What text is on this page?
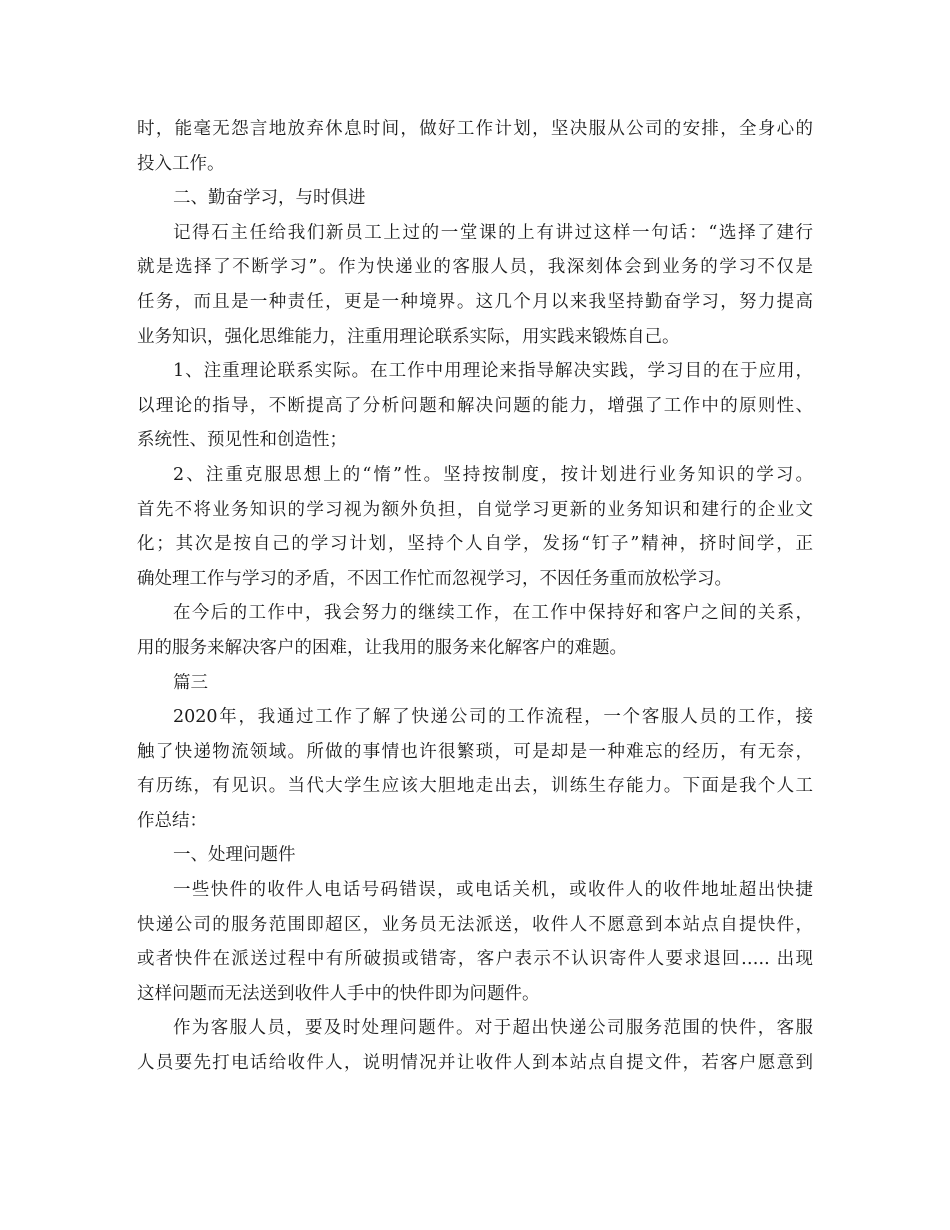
时，能毫无怨言地放弃休息时间，做好工作计划，坚决服从公司的安排，全身心的
投入工作。
二、勤奋学习，与时俱进
记得石主任给我们新员工上过的一堂课的上有讲过这样一句话：“选择了建行
就是选择了不断学习”。作为快递业的客服人员，我深刻体会到业务的学习不仅是
任务，而且是一种责任，更是一种境界。这几个月以来我坚持勤奋学习，努力提高
业务知识，强化思维能力，注重用理论联系实际，用实践来锻炼自己。
1、注重理论联系实际。在工作中用理论来指导解决实践，学习目的在于应用，
以理论的指导，不断提高了分析问题和解决问题的能力，增强了工作中的原则性、
系统性、预见性和创造性；
2、注重克服思想上的“惰”性。坚持按制度，按计划进行业务知识的学习。
首先不将业务知识的学习视为额外负担，自觉学习更新的业务知识和建行的企业文
化；其次是按自己的学习计划，坚持个人自学，发扬“钉子”精神，挤时间学，正
确处理工作与学习的矛盾，不因工作忙而忽视学习，不因任务重而放松学习。
在今后的工作中，我会努力的继续工作，在工作中保持好和客户之间的关系，
用的服务来解决客户的困难，让我用的服务来化解客户的难题。
篇三
2020年，我通过工作了解了快递公司的工作流程，一个客服人员的工作，接
触了快递物流领域。所做的事情也许很繁琐，可是却是一种难忘的经历，有无奈，
有历练，有见识。当代大学生应该大胆地走出去，训练生存能力。下面是我个人工
作总结：
一、处理问题件
一些快件的收件人电话号码错误，或电话关机，或收件人的收件地址超出快捷
快递公司的服务范围即超区，业务员无法派送，收件人不愿意到本站点自提快件，
或者快件在派送过程中有所破损或错寄，客户表示不认识寄件人要求退回….. 出现
这样问题而无法送到收件人手中的快件即为问题件。
作为客服人员，要及时处理问题件。对于超出快递公司服务范围的快件，客服
人员要先打电话给收件人，说明情况并让收件人到本站点自提文件，若客户愿意到
